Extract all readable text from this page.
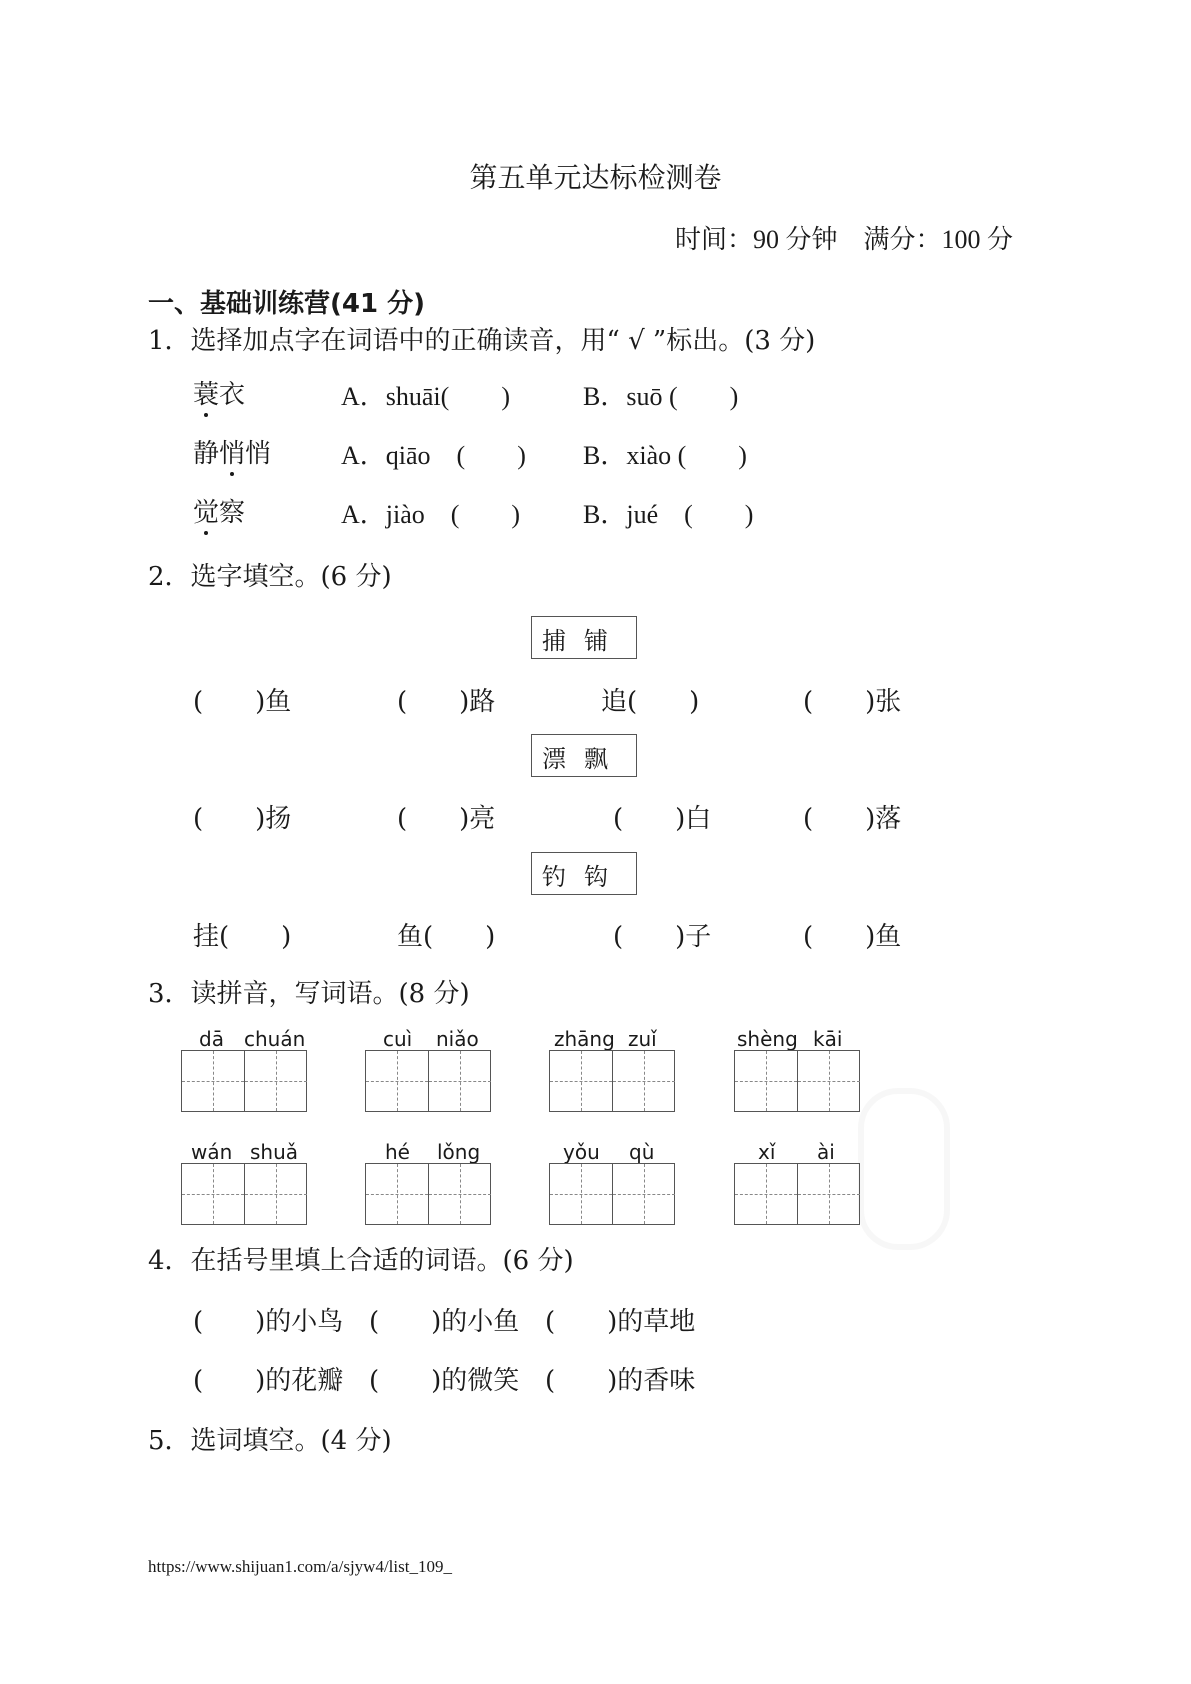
第五单元达标检测卷
时间：90 分钟　满分：100 分
一、基础训练营(41 分)
1．选择加点字在词语中的正确读音，用“ √ ”标出。(3 分)
蓑衣	A．shuāi(　　)	B．suō (　　)
静悄悄	A．qiāo　(　　) B．xiào (　　)
觉察	A．jiào　(　　) B．jué　(　　)
2．选字填空。(6 分)
捕铺
(　　)鱼	(　　)路	追(　　)	(　　)张
漂飘
(　　)扬	(　　)亮	(　　)白	(　　)落
钓钩
挂(　　)	鱼(　　)	(　　)子	(　　)鱼
3．读拼音，写词语。(8 分)
dā chuán	cuì niǎo	zhāng zuǐ	shèng kāi
wán shuǎ	hé lǒng	yǒu qù	xǐ ài
4．在括号里填上合适的词语。(6 分)
(　　)的小鸟 (　　)的小鱼 (　　)的草地
(　　)的花瓣 (　　)的微笑 (　　)的香味
5．选词填空。(4 分)
https://www.shijuan1.com/a/sjyw4/list_109_
